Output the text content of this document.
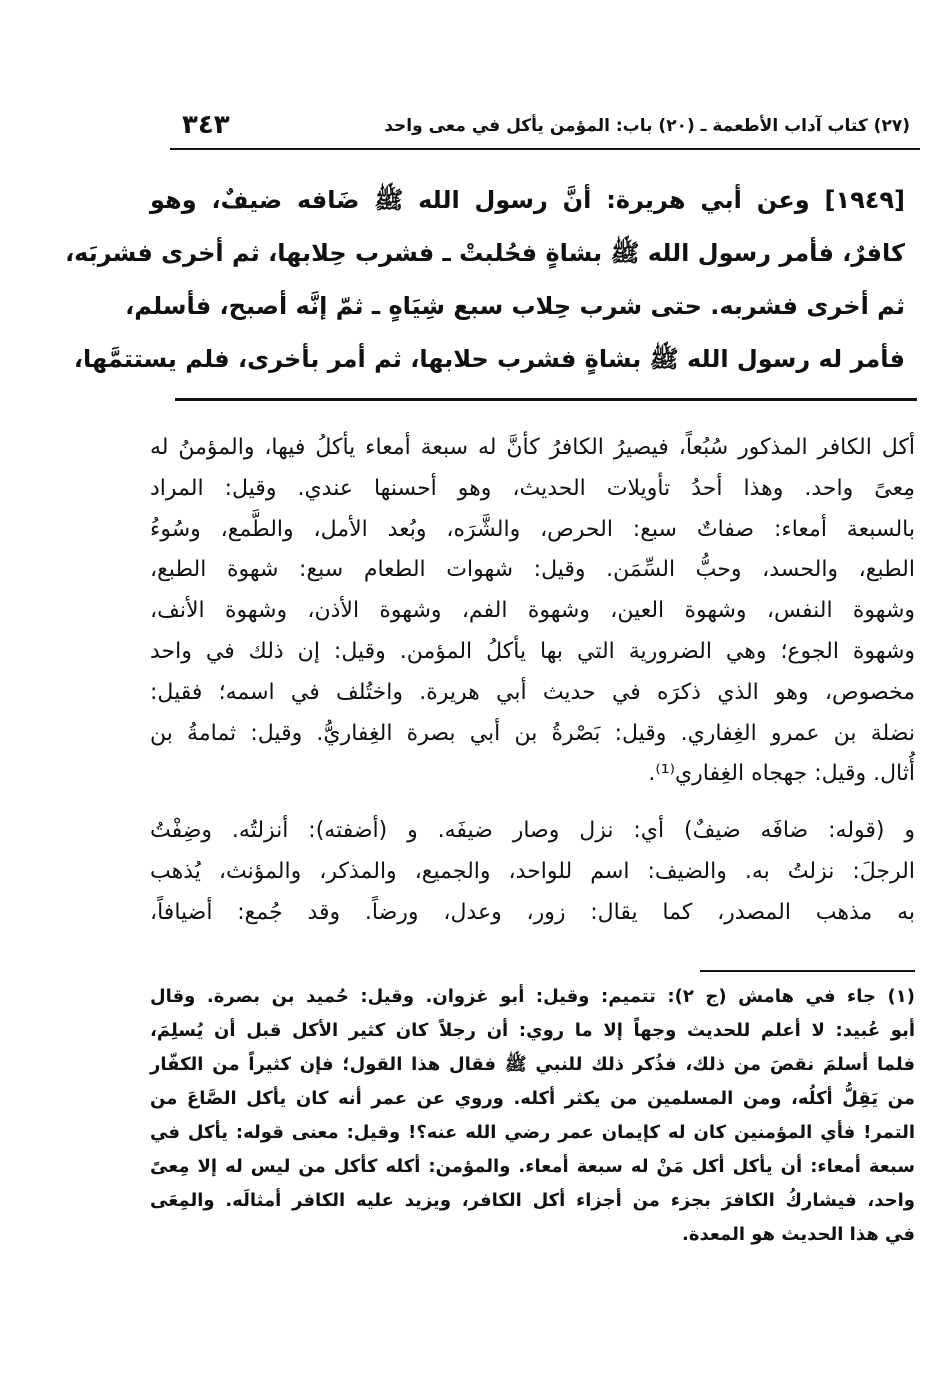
(٢٧) كتاب آداب الأطعمة ـ (٢٠) باب: المؤمن يأكل في معى واحد
٣٤٣
[١٩٤٩] وعن أبي هريرة: أنَّ رسول الله ﷺ ضَافه ضيفٌ، وهو
كافرٌ، فأمر رسول الله ﷺ بشاةٍ فحُلبتْ ـ فشرب حِلابها، ثم أخرى فشربَه،
ثم أخرى فشربه. حتى شرب حِلاب سبع شِيَاهٍ ـ ثمّ إنَّه أصبح، فأسلم،
فأمر له رسول الله ﷺ بشاةٍ فشرب حلابها، ثم أمر بأخرى، فلم يستتمَّها،
أكل الكافر المذكور سُبُعاً، فيصيرُ الكافرُ كأنَّ له سبعة أمعاء يأكلُ فيها، والمؤمنُ له
مِعىً واحد. وهذا أحدُ تأويلات الحديث، وهو أحسنها عندي. وقيل: المراد
بالسبعة أمعاء: صفاتٌ سبع: الحرص، والشَّرَه، وبُعد الأمل، والطَّمع، وسُوءُ
الطبع، والحسد، وحبُّ السِّمَن. وقيل: شهوات الطعام سبع: شهوة الطبع،
وشهوة النفس، وشهوة العين، وشهوة الفم، وشهوة الأذن، وشهوة الأنف،
وشهوة الجوع؛ وهي الضرورية التي بها يأكلُ المؤمن. وقيل: إن ذلك في واحد
مخصوص، وهو الذي ذكرَه في حديث أبي هريرة. واختُلف في اسمه؛ فقيل:
نضلة بن عمرو الغِفاري. وقيل: بَصْرةُ بن أبي بصرة الغِفاريُّ. وقيل: ثمامةُ بن
أُثال. وقيل: جهجاه الغِفاري⁽¹⁾.
و (قوله: ضافَه ضيفٌ) أي: نزل وصار ضيفَه. و (أضفته): أنزلتُه. وضِفْتُ
الرجلَ: نزلتُ به. والضيف: اسم للواحد، والجميع، والمذكر، والمؤنث، يُذهب
به مذهب المصدر، كما يقال: زور، وعدل، ورضاً. وقد جُمع: أضيافاً،
(١) جاء في هامش (ج ٢): تتميم: وقيل: أبو غزوان. وقيل: حُميد بن بصرة. وقال
أبو عُبيد: لا أعلم للحديث وجهاً إلا ما روي: أن رجلاً كان كثير الأكل قبل أن يُسلِمَ،
فلما أسلمَ نقصَ من ذلك، فذُكر ذلك للنبي ﷺ فقال هذا القول؛ فإن كثيراً من الكفّار
من يَقِلُّ أكلُه، ومن المسلمين من يكثر أكله. وروي عن عمر أنه كان يأكل الصَّاعَ من
التمر! فأي المؤمنين كان له كإيمان عمر رضي الله عنه؟! وقيل: معنى قوله: يأكل في
سبعة أمعاء: أن يأكل أكل مَنْ له سبعة أمعاء. والمؤمن: أكله كأكل من ليس له إلا مِعىً
واحد، فيشاركُ الكافرَ بجزء من أجزاء أكل الكافر، ويزيد عليه الكافر أمثالَه. والمِعَى
في هذا الحديث هو المعدة.
